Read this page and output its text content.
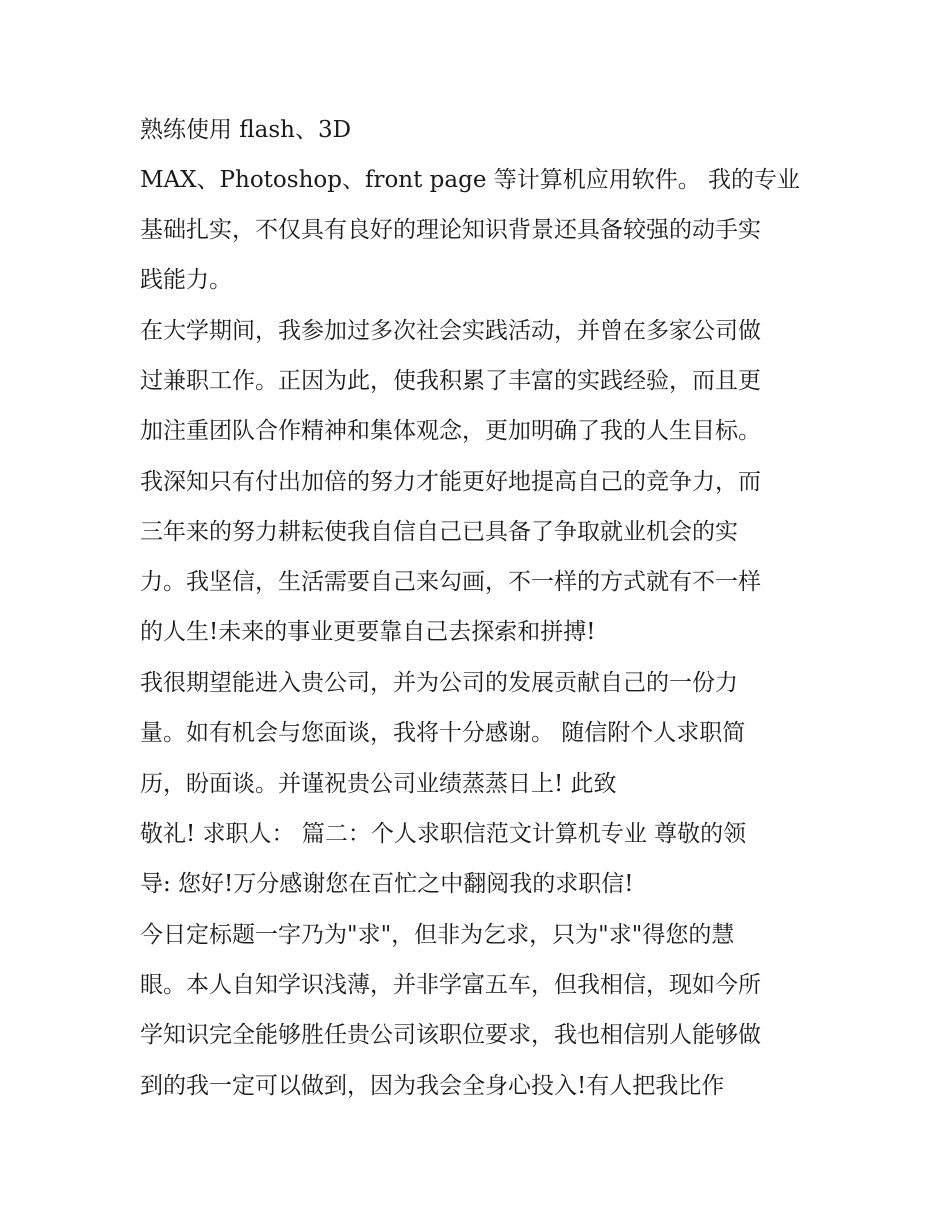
熟练使用 flash、3D
MAX、Photoshop、front page 等计算机应用软件。 我的专业
基础扎实，不仅具有良好的理论知识背景还具备较强的动手实
践能力。
在大学期间，我参加过多次社会实践活动，并曾在多家公司做
过兼职工作。正因为此，使我积累了丰富的实践经验，而且更
加注重团队合作精神和集体观念，更加明确了我的人生目标。
我深知只有付出加倍的努力才能更好地提高自己的竞争力，而
三年来的努力耕耘使我自信自己已具备了争取就业机会的实
力。我坚信，生活需要自己来勾画，不一样的方式就有不一样
的人生!未来的事业更要靠自己去探索和拼搏!
我很期望能进入贵公司，并为公司的发展贡献自己的一份力
量。如有机会与您面谈，我将十分感谢。 随信附个人求职简
历，盼面谈。并谨祝贵公司业绩蒸蒸日上! 此致
敬礼! 求职人： 篇二：个人求职信范文计算机专业 尊敬的领
导: 您好!万分感谢您在百忙之中翻阅我的求职信!
今日定标题一字乃为"求"，但非为乞求，只为"求"得您的慧
眼。本人自知学识浅薄，并非学富五车，但我相信，现如今所
学知识完全能够胜任贵公司该职位要求，我也相信别人能够做
到的我一定可以做到，因为我会全身心投入!有人把我比作
